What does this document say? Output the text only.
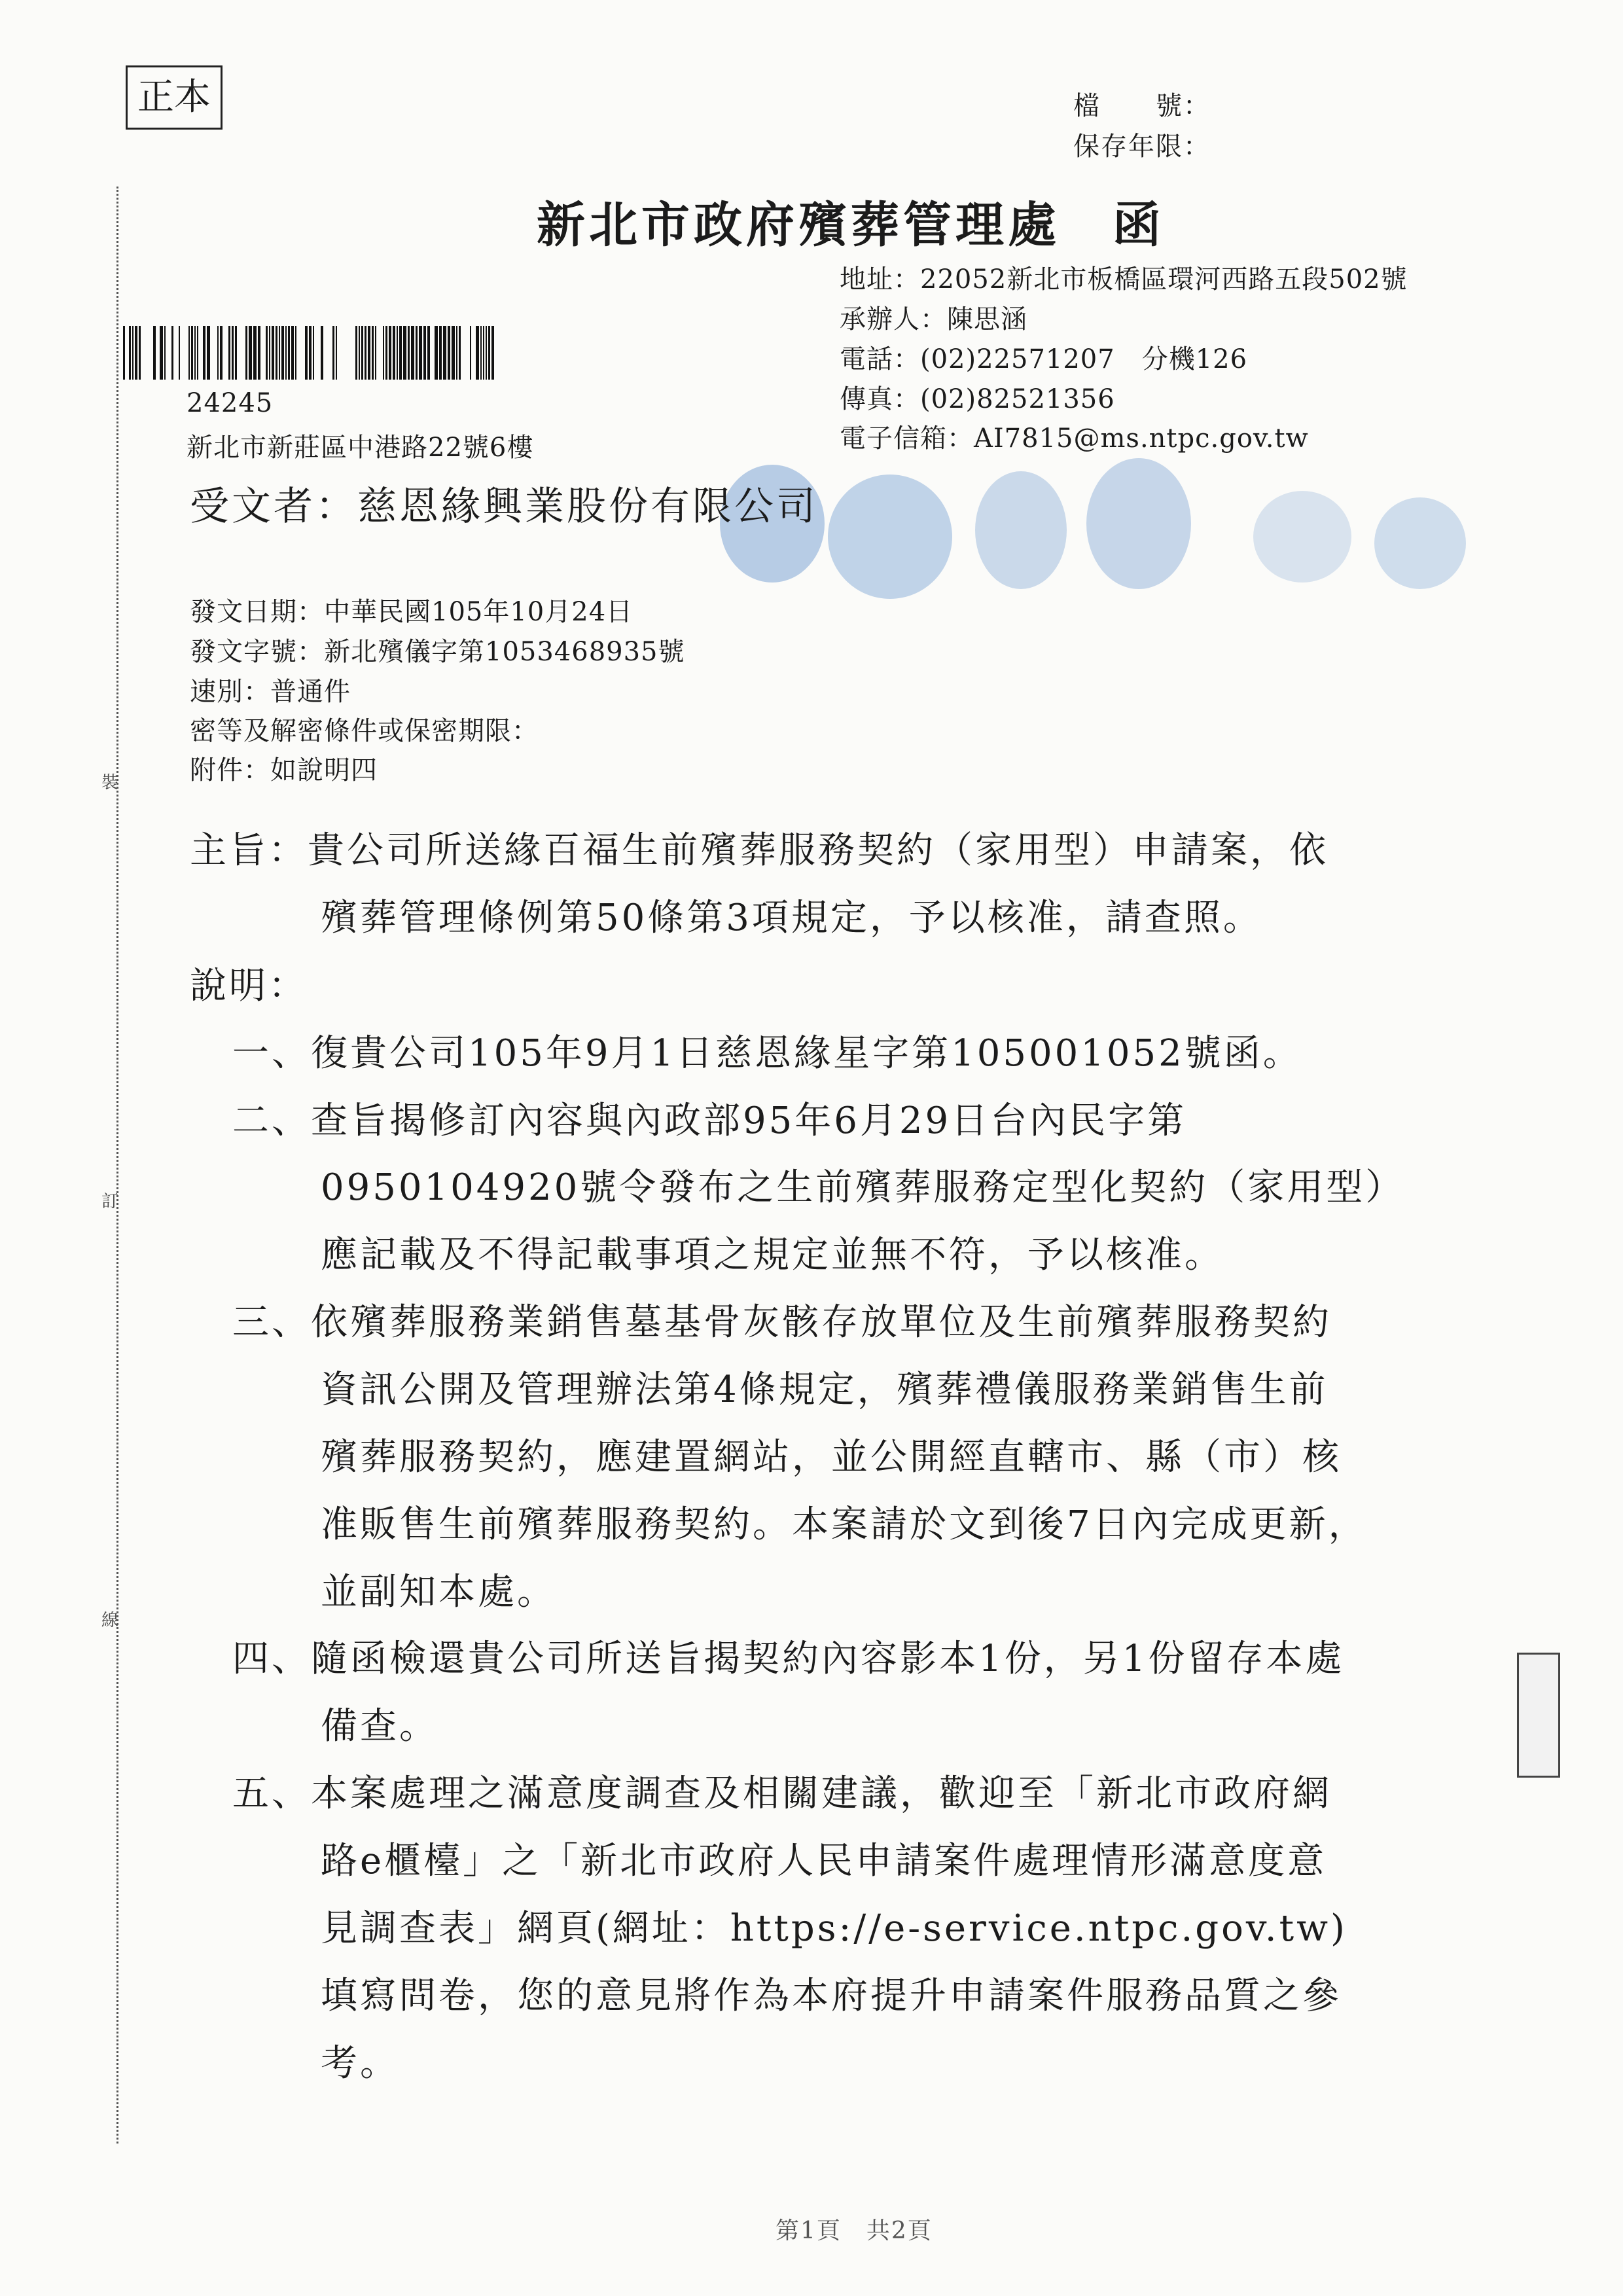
正本	檔　　號：
保存年限：
新北市政府殯葬管理處　函
地址：22052新北市板橋區環河西路五段502號
承辦人：陳思涵
電話：(02)22571207　分機126
傳真：(02)82521356
電子信箱：AI7815@ms.ntpc.gov.tw
24245
新北市新莊區中港路22號6樓
受文者：慈恩緣興業股份有限公司
發文日期：中華民國105年10月24日
發文字號：新北殯儀字第1053468935號
速別：普通件
密等及解密條件或保密期限：
附件：如說明四
主旨：貴公司所送緣百福生前殯葬服務契約（家用型）申請案，依
殯葬管理條例第50條第3項規定，予以核准，請查照。
說明：
一、復貴公司105年9月1日慈恩緣星字第105001052號函。
二、查旨揭修訂內容與內政部95年6月29日台內民字第
0950104920號令發布之生前殯葬服務定型化契約（家用型）
應記載及不得記載事項之規定並無不符，予以核准。
三、依殯葬服務業銷售墓基骨灰骸存放單位及生前殯葬服務契約
資訊公開及管理辦法第4條規定，殯葬禮儀服務業銷售生前
殯葬服務契約，應建置網站，並公開經直轄市、縣（市）核
准販售生前殯葬服務契約。本案請於文到後7日內完成更新，
並副知本處。
四、隨函檢還貴公司所送旨揭契約內容影本1份，另1份留存本處
備查。
五、本案處理之滿意度調查及相關建議，歡迎至「新北市政府網
路e櫃檯」之「新北市政府人民申請案件處理情形滿意度意
見調查表」網頁(網址：https://e-service.ntpc.gov.tw)
填寫問卷，您的意見將作為本府提升申請案件服務品質之參
考。
裝
訂
線
第1頁　共2頁
